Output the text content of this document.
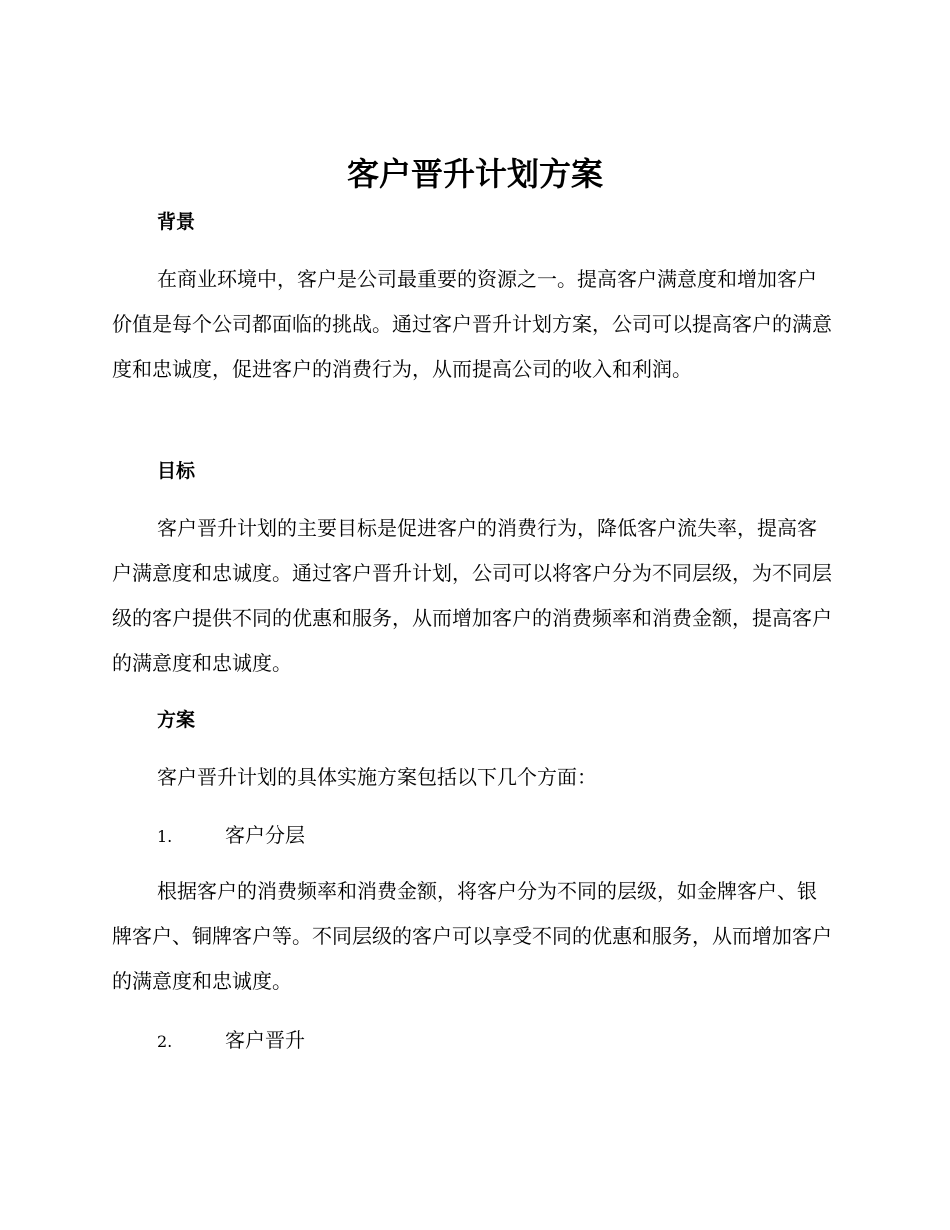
客户晋升计划方案
背景

在商业环境中，客户是公司最重要的资源之一。提高客户满意度和增加客户价值是每个公司都面临的挑战。通过客户晋升计划方案，公司可以提高客户的满意度和忠诚度，促进客户的消费行为，从而提高公司的收入和利润。

目标

客户晋升计划的主要目标是促进客户的消费行为，降低客户流失率，提高客户满意度和忠诚度。通过客户晋升计划，公司可以将客户分为不同层级，为不同层级的客户提供不同的优惠和服务，从而增加客户的消费频率和消费金额，提高客户的满意度和忠诚度。

方案

客户晋升计划的具体实施方案包括以下几个方面：

1.	客户分层

根据客户的消费频率和消费金额，将客户分为不同的层级，如金牌客户、银牌客户、铜牌客户等。不同层级的客户可以享受不同的优惠和服务，从而增加客户的满意度和忠诚度。

2.	客户晋升
